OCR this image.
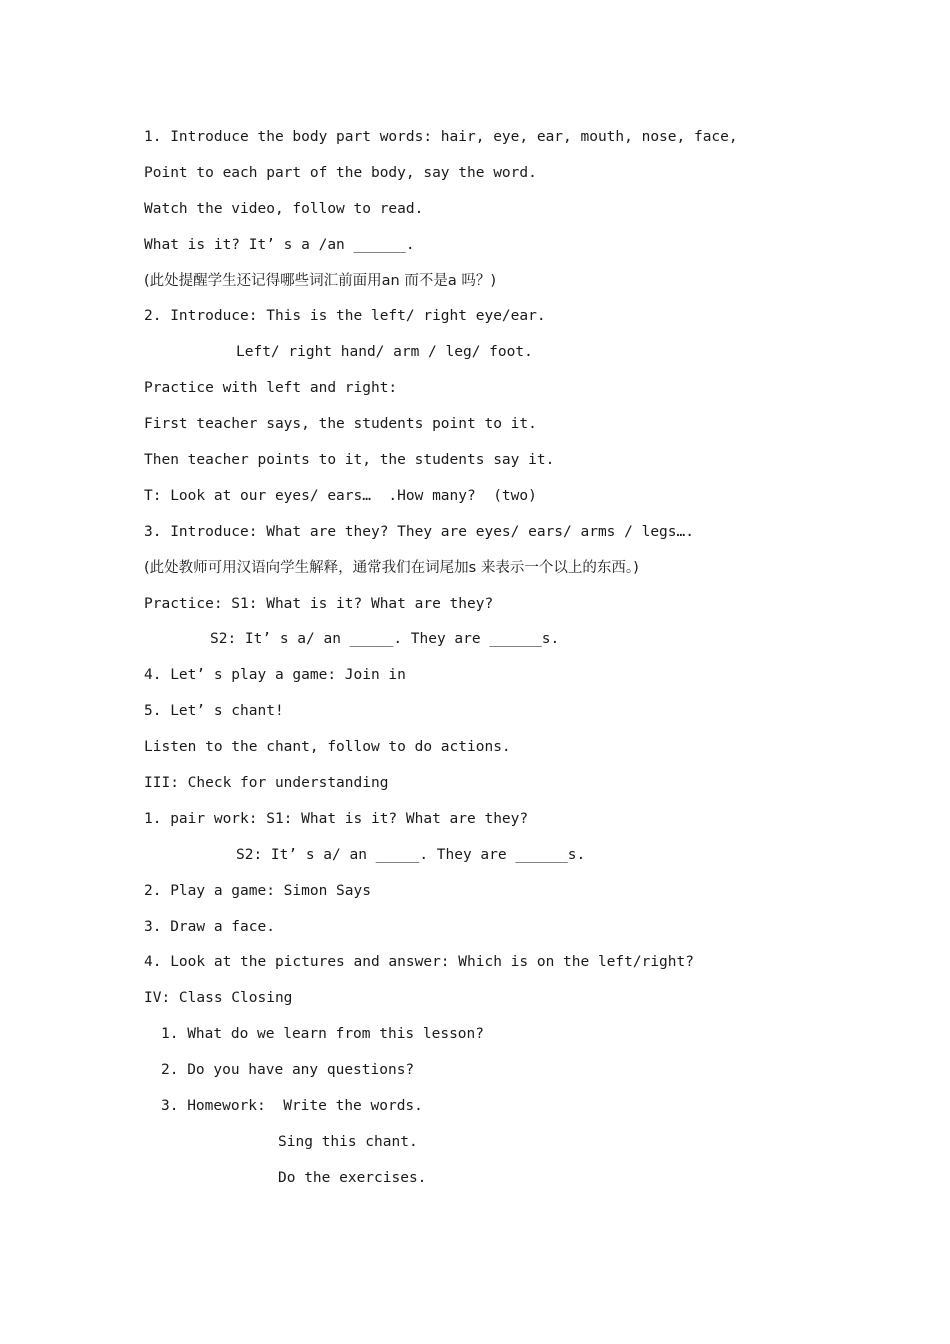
1. Introduce the body part words: hair, eye, ear, mouth, nose, face,
Point to each part of the body, say the word.
Watch the video, follow to read.
What is it? It’ s a /an ______.
(此处提醒学生还记得哪些词汇前面用an 而不是a 吗？)
2. Introduce: This is the left/ right eye/ear.
Left/ right hand/ arm / leg/ foot.
Practice with left and right:
First teacher says, the students point to it.
Then teacher points to it, the students say it.
T: Look at our eyes/ ears…  .How many?  (two)
3. Introduce: What are they? They are eyes/ ears/ arms / legs….
(此处教师可用汉语向学生解释，通常我们在词尾加s 来表示一个以上的东西。)
Practice: S1: What is it? What are they?
S2: It’ s a/ an _____. They are ______s.
4. Let’ s play a game: Join in
5. Let’ s chant!
Listen to the chant, follow to do actions.
III: Check for understanding
1. pair work: S1: What is it? What are they?
S2: It’ s a/ an _____. They are ______s.
2. Play a game: Simon Says
3. Draw a face.
4. Look at the pictures and answer: Which is on the left/right?
IV: Class Closing
1. What do we learn from this lesson?
2. Do you have any questions?
3. Homework:  Write the words.
Sing this chant.
Do the exercises.
